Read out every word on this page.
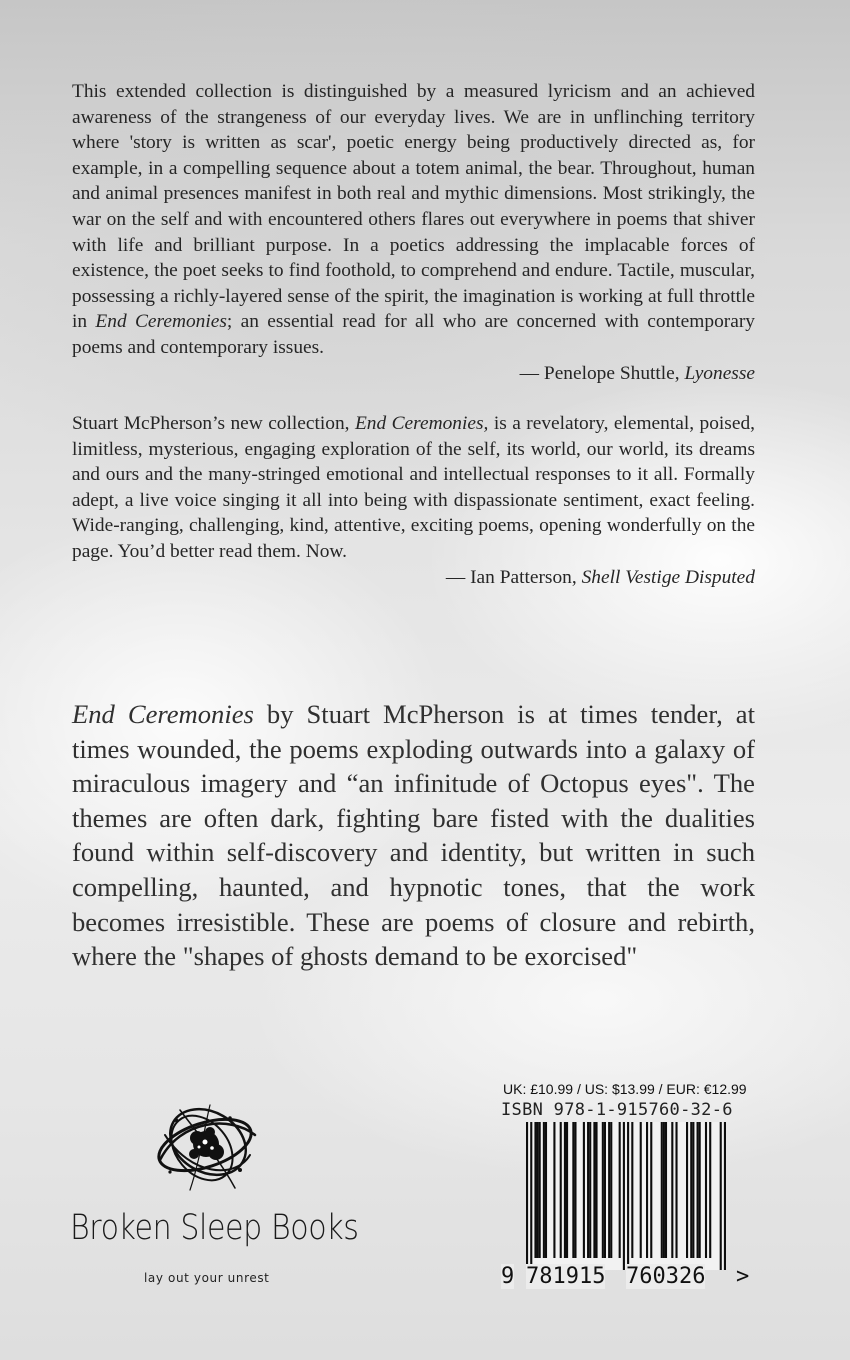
This extended collection is distinguished by a measured lyricism and an achieved awareness of the strangeness of our everyday lives. We are in unflinching territory where 'story is written as scar', poetic energy being productively directed as, for example, in a compelling sequence about a totem animal, the bear. Throughout, human and animal presences manifest in both real and mythic dimensions. Most strikingly, the war on the self and with encountered others flares out everywhere in poems that shiver with life and brilliant purpose. In a poetics addressing the implacable forces of existence, the poet seeks to find foothold, to comprehend and endure. Tactile, muscular, possessing a richly-layered sense of the spirit, the imagination is working at full throttle in End Ceremonies; an essential read for all who are concerned with contemporary poems and contemporary issues.

— Penelope Shuttle, Lyonesse

Stuart McPherson’s new collection, End Ceremonies, is a revelatory, elemental, poised, limitless, mysterious, engaging exploration of the self, its world, our world, its dreams and ours and the many-stringed emotional and intellectual responses to it all. Formally adept, a live voice singing it all into being with dispassionate sentiment, exact feeling. Wide-ranging, challenging, kind, attentive, exciting poems, opening wonderfully on the page. You’d better read them. Now.

— Ian Patterson, Shell Vestige Disputed

End Ceremonies by Stuart McPherson is at times tender, at times wounded, the poems exploding outwards into a galaxy of miraculous imagery and “an infinitude of Octopus eyes". The themes are often dark, fighting bare fisted with the dualities found within self-discovery and identity, but written in such compelling, haunted, and hypnotic tones, that the work becomes irresistible. These are poems of closure and rebirth, where the "shapes of ghosts demand to be exorcised"

Broken Sleep Books
lay out your unrest
UK: £10.99 / US: $13.99 / EUR: €12.99
ISBN 978-1-915760-32-6
9 781915 760326 >
